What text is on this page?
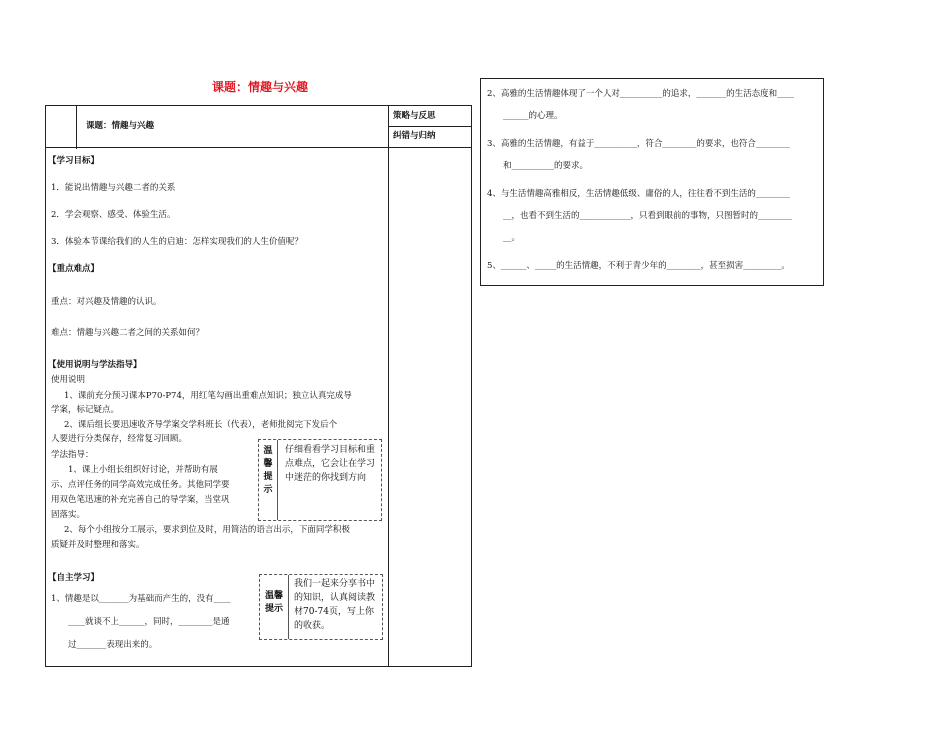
课题：情趣与兴趣
课题：情趣与兴趣
策略与反思
纠错与归纳
【学习目标】
1．能说出情趣与兴趣二者的关系
2．学会观察、感受、体验生活。
3．体验本节课给我们的人生的启迪：怎样实现我们的人生价值呢？
【重点难点】
重点：对兴趣及情趣的认识。
难点：情趣与兴趣二者之间的关系如何？
【使用说明与学法指导】
使用说明
1、课前充分预习课本P70-P74，用红笔勾画出重难点知识；独立认真完成导
学案，标记疑点。
2、课后组长要迅速收齐导学案交学科班长（代表），老师批阅完下发后个
人要进行分类保存，经常复习回顾。
学法指导：
1、课上小组长组织好讨论，并帮助有展
示、点评任务的同学高效完成任务。其他同学要
用双色笔迅速的补充完善自己的导学案，当堂巩
固落实。
2、每个小组按分工展示，要求到位及时，用简洁的语言出示，下面同学积极
质疑并及时整理和落实。
温
馨
提
示
仔细看看学习目标和重点难点，它会让在学习中迷茫的你找到方向
【自主学习】
1、情趣是以_______为基础而产生的，没有____
____就谈不上______，同时，________是通
过_______表现出来的。
温馨
提示
我们一起来分享书中的知识，认真阅读教材70-74页，写上你的收获。
2、高雅的生活情趣体现了一个人对__________的追求，_______的生活态度和____
______的心理。
3、高雅的生活情趣，有益于__________，符合________的要求，也符合________
和__________的要求。
4、与生活情趣高雅相反，生活情趣低级、庸俗的人，往往看不到生活的________
__，也看不到生活的____________，只看到眼前的事物，只图暂时的________
__。
5、______、_____的生活情趣，不利于青少年的________，甚至损害_________。
